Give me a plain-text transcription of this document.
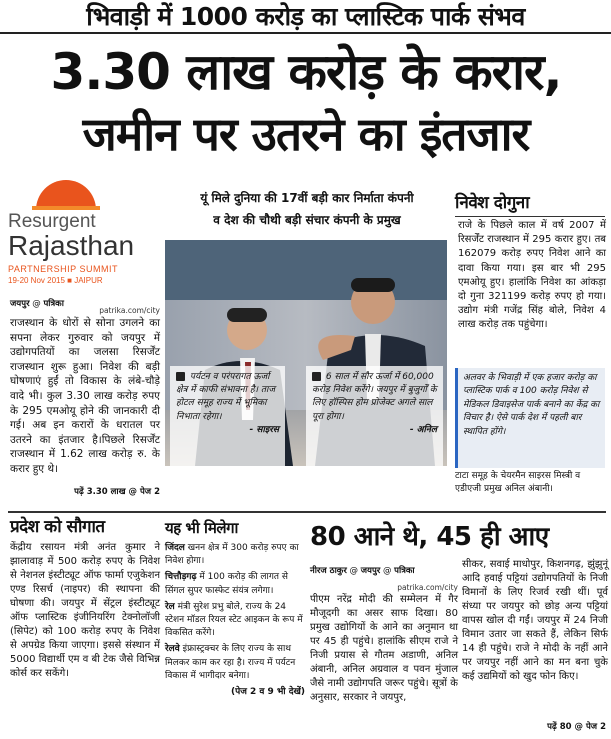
भिवाड़ी में 1000 करोड़ का प्लास्टिक पार्क संभव
3.30 लाख करोड़ के करार,
जमीन पर उतरने का इंतजार
Resurgent
Rajasthan
PARTNERSHIP SUMMIT
19-20 Nov 2015 ■ JAIPUR
यूं मिले दुनिया की 17वीं बड़ी कार निर्माता कंपनी
व देश की चौथी बड़ी संचार कंपनी के प्रमुख
जयपुर @ पत्रिका
patrika.com/city
राजस्थान के धोरों से सोना उगलने का सपना लेकर गुरुवार को जयपुर में उद्योगपतियों का जलसा रिसर्जेंट राजस्थान शुरू हुआ। निवेश की बड़ी घोषणाएं हुईं तो विकास के लंबे-चौड़े वादे भी। कुल 3.30 लाख करोड़ रुपए के 295 एमओयू होने की जानकारी दी गई। अब इन करारों के धरातल पर उतरने का इंतजार है।पिछले रिसर्जेंट राजस्थान में 1.62 लाख करोड़ रु. के करार हुए थे।
पढ़ें 3.30 लाख @ पेज 2
पर्यटन व परंपरागत ऊर्जा क्षेत्र में काफी संभावना है। ताज होटल समूह राज्य में भूमिका निभाता रहेगा।
- साइरस
6 साल में सौर ऊर्जा में 60,000 करोड़ निवेश करेंगे। जयपुर में बुजुर्गों के लिए हॉस्पिस होम प्रोजेक्ट अगले साल पूरा होगा।
- अनिल
निवेश दोगुना
राजे के पिछले काल में वर्ष 2007 में रिसर्जेंट राजस्थान में 295 करार हुए। तब 162079 करोड़ रुपए निवेश आने का दावा किया गया। इस बार भी 295 एमओयू हुए। हालांकि निवेश का आंकड़ा दो गुना 321199 करोड़ रुपए हो गया। उद्योग मंत्री गजेंद्र सिंह बोले, निवेश 4 लाख करोड़ तक पहुंचेगा।
अलवर के भिवाड़ी में एक हजार करोड़ का प्लास्टिक पार्क व 100 करोड़ निवेश से मेडिकल डिवाइसेज पार्क बनाने का केंद्र का विचार है। ऐसे पार्क देश में पहली बार स्थापित होंगे।
टाटा समूह के चेयरमैन साइरस मिस्त्री व एडीएजी प्रमुख अनिल अंबानी।
प्रदेश को सौगात
केंद्रीय रसायन मंत्री अनंत कुमार ने झालावाड़ में 500 करोड़ रुपए के निवेश से नेशनल इंस्टीट्यूट ऑफ फार्मा एजुकेशन एण्ड रिसर्च (नाइपर) की स्थापना की घोषणा की। जयपुर में सेंट्रल इंस्टीट्यूट ऑफ प्लास्टिक इंजीनियरिंग टेक्नोलॉजी (सिपेट) को 100 करोड़ रुपए के निवेश से अपग्रेड किया जाएगा। इससे संस्थान में 5000 विद्यार्थी एम व बी टेक जैसे विभिन्न कोर्स कर सकेंगे।
यह भी मिलेगा
जिंदल खनन क्षेत्र में 300 करोड़ रुपए का निवेश होगा।
चित्तौड़गढ़ में 100 करोड़ की लागत से सिंगल सुपर फास्फेट संयंत्र लगेगा।
रेल मंत्री सुरेश प्रभु बोले, राज्य के 24 स्टेशन मॉडल रियल स्टेट आइकन के रूप में विकसित करेंगे।
रेलवे इंफ्रास्ट्रक्चर के लिए राज्य के साथ मिलकर काम कर रहा है। राज्य में पर्यटन विकास में भागीदार बनेगा।
(पेज 2 व 9 भी देखें)
80 आने थे, 45 ही आए
नीरज ठाकुर @ जयपुर @ पत्रिका
patrika.com/city
पीएम नरेंद्र मोदी की सम्मेलन में गैर मौजूदगी का असर साफ दिखा। 80 प्रमुख उद्योगियों के आने का अनुमान था पर 45 ही पहुंचे। हालांकि सीएम राजे ने निजी प्रयास से गौतम अडाणी, अनिल अंबानी, अनिल अग्रवाल व पवन मुंजाल जैसे नामी उद्योगपति जरूर पहुंचे। सूत्रों के अनुसार, सरकार ने जयपुर,
सीकर, सवाई माधोपुर, किशनगढ़, झुंझुनूं आदि हवाई पट्टियां उद्योगपतियों के निजी विमानों के लिए रिजर्व रखी थीं। पूर्व संध्या पर जयपुर को छोड़ अन्य पट्टियां वापस खोल दी गईं। जयपुर में 24 निजी विमान उतार जा सकते हैं, लेकिन सिर्फ 14 ही पहुंचे। राजे ने मोदी के नहीं आने पर जयपुर नहीं आने का मन बना चुके कई उद्यमियों को खुद फोन किए।
पढ़ें 80 @ पेज 2
